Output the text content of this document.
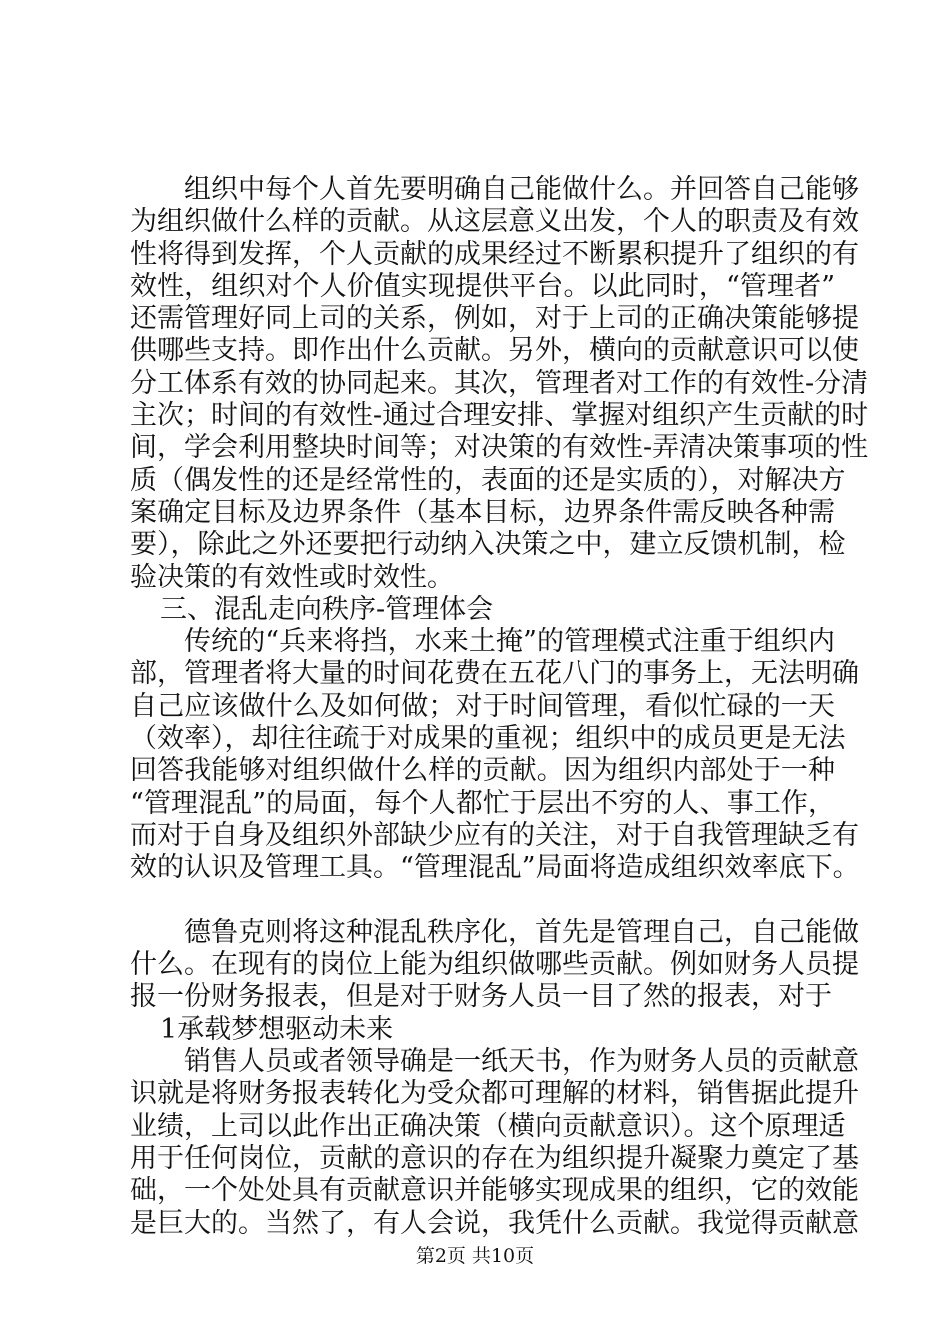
组织中每个人首先要明确自己能做什么。并回答自己能够
为组织做什么样的贡献。从这层意义出发，个人的职责及有效
性将得到发挥，个人贡献的成果经过不断累积提升了组织的有
效性，组织对个人价值实现提供平台。以此同时，“管理者”
还需管理好同上司的关系，例如，对于上司的正确决策能够提
供哪些支持。即作出什么贡献。另外，横向的贡献意识可以使
分工体系有效的协同起来。其次，管理者对工作的有效性-分清
主次；时间的有效性-通过合理安排、掌握对组织产生贡献的时
间，学会利用整块时间等；对决策的有效性-弄清决策事项的性
质（偶发性的还是经常性的，表面的还是实质的），对解决方
案确定目标及边界条件（基本目标，边界条件需反映各种需
要），除此之外还要把行动纳入决策之中，建立反馈机制，检
验决策的有效性或时效性。
三、混乱走向秩序-管理体会
传统的“兵来将挡，水来土掩”的管理模式注重于组织内
部，管理者将大量的时间花费在五花八门的事务上，无法明确
自己应该做什么及如何做；对于时间管理，看似忙碌的一天
（效率），却往往疏于对成果的重视；组织中的成员更是无法
回答我能够对组织做什么样的贡献。因为组织内部处于一种
“管理混乱”的局面，每个人都忙于层出不穷的人、事工作，
而对于自身及组织外部缺少应有的关注，对于自我管理缺乏有
效的认识及管理工具。“管理混乱”局面将造成组织效率底下。
德鲁克则将这种混乱秩序化，首先是管理自己，自己能做
什么。在现有的岗位上能为组织做哪些贡献。例如财务人员提
报一份财务报表，但是对于财务人员一目了然的报表，对于
1承载梦想驱动未来
销售人员或者领导确是一纸天书，作为财务人员的贡献意
识就是将财务报表转化为受众都可理解的材料，销售据此提升
业绩，上司以此作出正确决策（横向贡献意识）。这个原理适
用于任何岗位，贡献的意识的存在为组织提升凝聚力奠定了基
础，一个处处具有贡献意识并能够实现成果的组织，它的效能
是巨大的。当然了，有人会说，我凭什么贡献。我觉得贡献意
第2页 共10页
